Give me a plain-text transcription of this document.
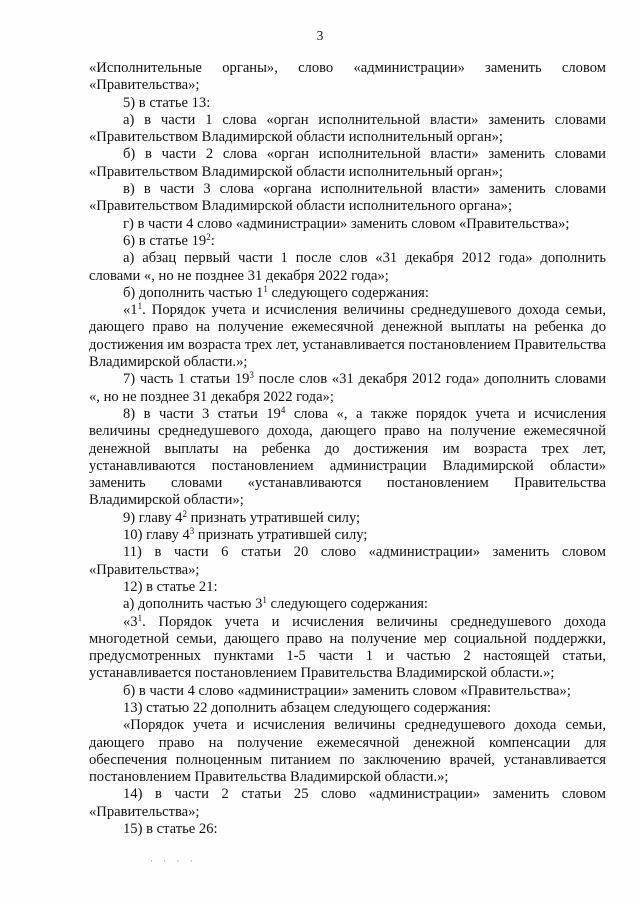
3

«Исполнительные органы», слово «администрации» заменить словом «Правительства»;

5) в статье 13:

а) в части 1 слова «орган исполнительной власти» заменить словами «Правительством Владимирской области исполнительный орган»;

б) в части 2 слова «орган исполнительной власти» заменить словами «Правительством Владимирской области исполнительный орган»;

в) в части 3 слова «органа исполнительной власти» заменить словами «Правительством Владимирской области исполнительного органа»;

г) в части 4 слово «администрации» заменить словом «Правительства»;

6) в статье $19^2$:

а) абзац первый части 1 после слов «31 декабря 2012 года» дополнить словами «, но не позднее 31 декабря 2022 года»;

б) дополнить частью $1^1$ следующего содержания:

«$1^1$. Порядок учета и исчисления величины среднедушевого дохода семьи, дающего право на получение ежемесячной денежной выплаты на ребенка до достижения им возраста трех лет, устанавливается постановлением Правительства Владимирской области.»;

7) часть 1 статьи $19^3$ после слов «31 декабря 2012 года» дополнить словами «, но не позднее 31 декабря 2022 года»;

8) в части 3 статьи $19^4$ слова «, а также порядок учета и исчисления величины среднедушевого дохода, дающего право на получение ежемесячной денежной выплаты на ребенка до достижения им возраста трех лет, устанавливаются постановлением администрации Владимирской области» заменить словами «устанавливаются постановлением Правительства Владимирской области»;

9) главу $4^2$ признать утратившей силу;

10) главу $4^3$ признать утратившей силу;

11) в части 6 статьи 20 слово «администрации» заменить словом «Правительства»;

12) в статье 21:

а) дополнить частью $3^1$ следующего содержания:

«$3^1$. Порядок учета и исчисления величины среднедушевого дохода многодетной семьи, дающего право на получение мер социальной поддержки, предусмотренных пунктами 1-5 части 1 и частью 2 настоящей статьи, устанавливается постановлением Правительства Владимирской области.»;

б) в части 4 слово «администрации» заменить словом «Правительства»;

13) статью 22 дополнить абзацем следующего содержания:

«Порядок учета и исчисления величины среднедушевого дохода семьи, дающего право на получение ежемесячной денежной компенсации для обеспечения полноценным питанием по заключению врачей, устанавливается постановлением Правительства Владимирской области.»;

14) в части 2 статьи 25 слово «администрации» заменить словом «Правительства»;

15) в статье 26:

· · · ·
